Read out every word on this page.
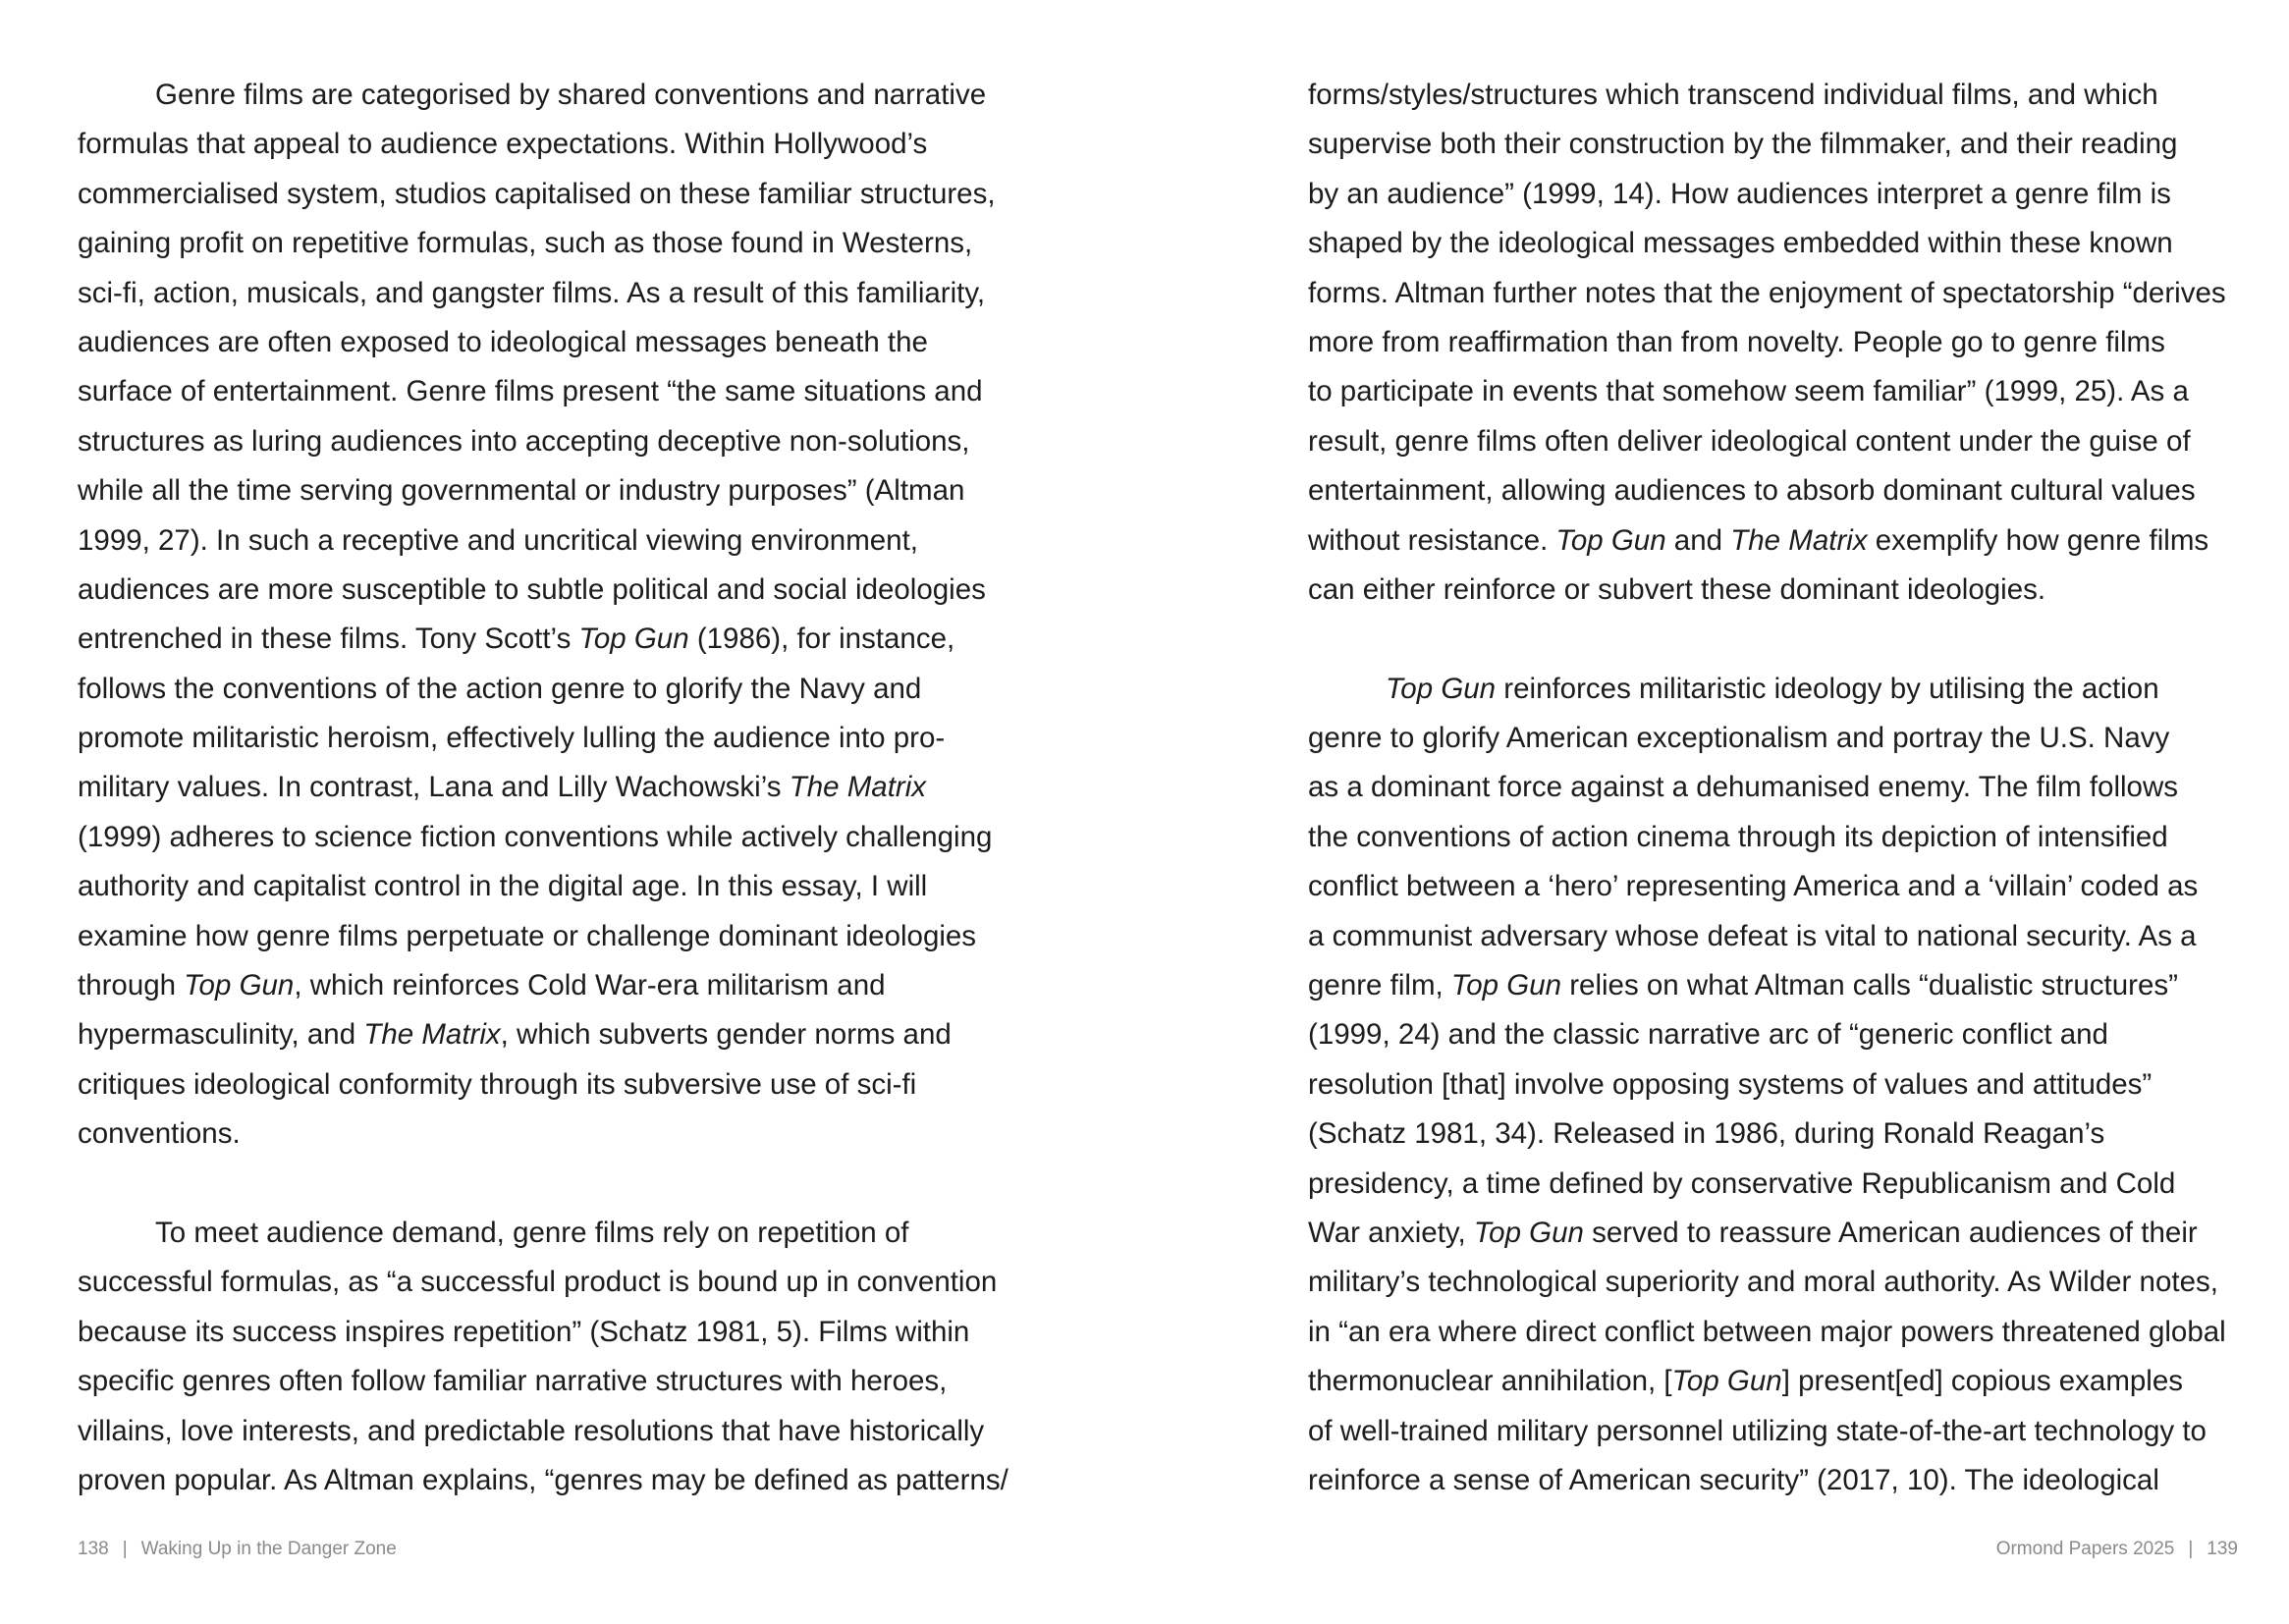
Genre films are categorised by shared conventions and narrative
formulas that appeal to audience expectations. Within Hollywood’s
commercialised system, studios capitalised on these familiar structures,
gaining profit on repetitive formulas, such as those found in Westerns,
sci-fi, action, musicals, and gangster films. As a result of this familiarity,
audiences are often exposed to ideological messages beneath the
surface of entertainment. Genre films present “the same situations and
structures as luring audiences into accepting deceptive non-solutions,
while all the time serving governmental or industry purposes” (Altman
1999, 27). In such a receptive and uncritical viewing environment,
audiences are more susceptible to subtle political and social ideologies
entrenched in these films. Tony Scott’s Top Gun (1986), for instance,
follows the conventions of the action genre to glorify the Navy and
promote militaristic heroism, effectively lulling the audience into pro-
military values. In contrast, Lana and Lilly Wachowski’s The Matrix
(1999) adheres to science fiction conventions while actively challenging
authority and capitalist control in the digital age. In this essay, I will
examine how genre films perpetuate or challenge dominant ideologies
through Top Gun, which reinforces Cold War-era militarism and
hypermasculinity, and The Matrix, which subverts gender norms and
critiques ideological conformity through its subversive use of sci-fi
conventions.
To meet audience demand, genre films rely on repetition of
successful formulas, as “a successful product is bound up in convention
because its success inspires repetition” (Schatz 1981, 5). Films within
specific genres often follow familiar narrative structures with heroes,
villains, love interests, and predictable resolutions that have historically
proven popular. As Altman explains, “genres may be defined as patterns/
138 | Waking Up in the Danger Zone
forms/styles/structures which transcend individual films, and which
supervise both their construction by the filmmaker, and their reading
by an audience” (1999, 14). How audiences interpret a genre film is
shaped by the ideological messages embedded within these known
forms. Altman further notes that the enjoyment of spectatorship “derives
more from reaffirmation than from novelty. People go to genre films
to participate in events that somehow seem familiar” (1999, 25). As a
result, genre films often deliver ideological content under the guise of
entertainment, allowing audiences to absorb dominant cultural values
without resistance. Top Gun and The Matrix exemplify how genre films
can either reinforce or subvert these dominant ideologies.
Top Gun reinforces militaristic ideology by utilising the action
genre to glorify American exceptionalism and portray the U.S. Navy
as a dominant force against a dehumanised enemy. The film follows
the conventions of action cinema through its depiction of intensified
conflict between a ‘hero’ representing America and a ‘villain’ coded as
a communist adversary whose defeat is vital to national security. As a
genre film, Top Gun relies on what Altman calls “dualistic structures”
(1999, 24) and the classic narrative arc of “generic conflict and
resolution [that] involve opposing systems of values and attitudes”
(Schatz 1981, 34). Released in 1986, during Ronald Reagan’s
presidency, a time defined by conservative Republicanism and Cold
War anxiety, Top Gun served to reassure American audiences of their
military’s technological superiority and moral authority. As Wilder notes,
in “an era where direct conflict between major powers threatened global
thermonuclear annihilation, [Top Gun] present[ed] copious examples
of well-trained military personnel utilizing state-of-the-art technology to
reinforce a sense of American security” (2017, 10). The ideological
Ormond Papers 2025 | 139
